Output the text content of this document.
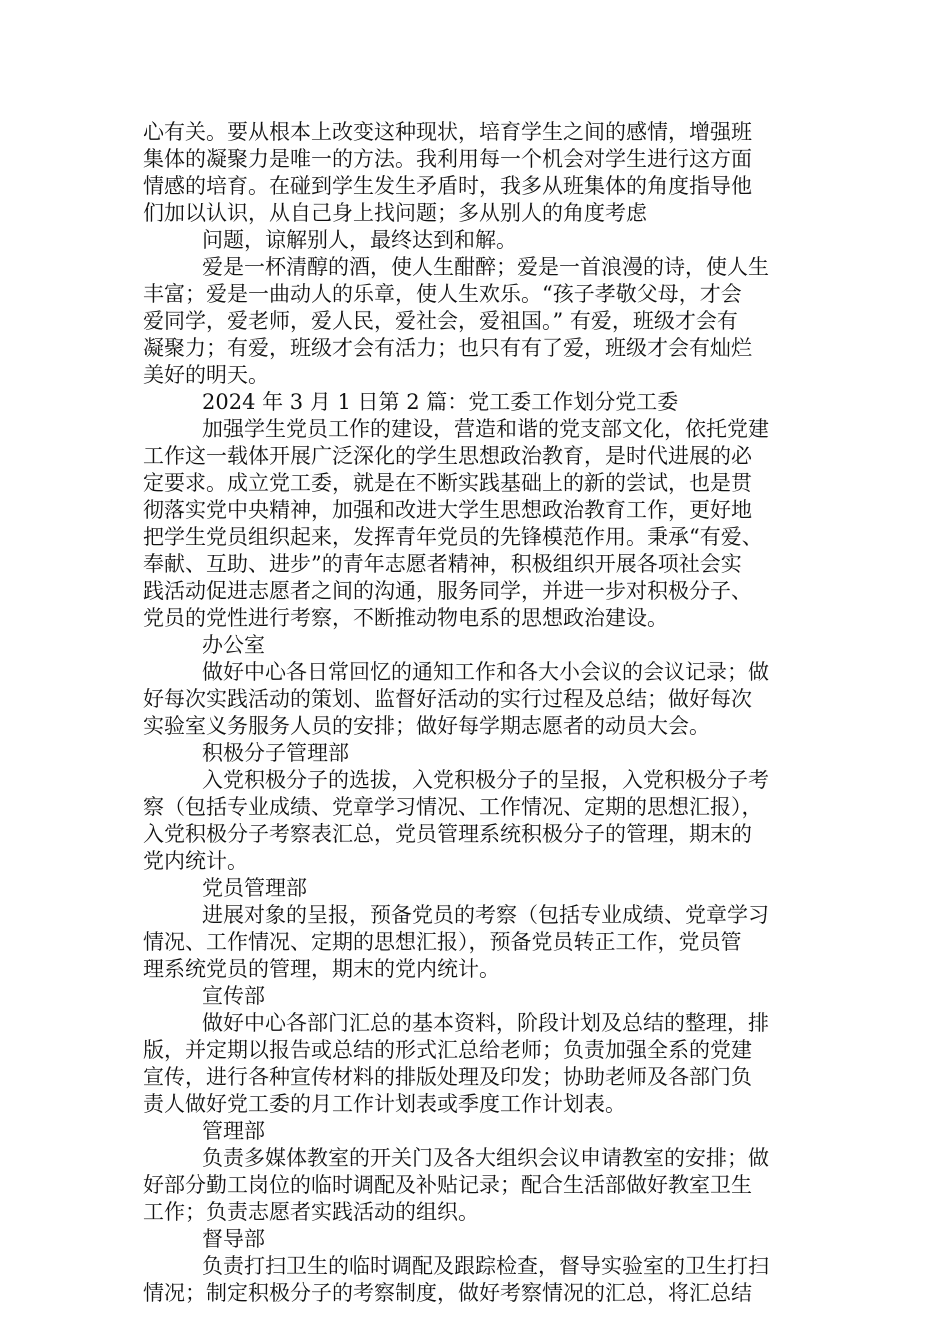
心有关。要从根本上改变这种现状，培育学生之间的感情，增强班
集体的凝聚力是唯一的方法。我利用每一个机会对学生进行这方面
情感的培育。在碰到学生发生矛盾时，我多从班集体的角度指导他
们加以认识，从自己身上找问题；多从别人的角度考虑
问题，谅解别人，最终达到和解。
爱是一杯清醇的酒，使人生酣醉；爱是一首浪漫的诗，使人生
丰富；爱是一曲动人的乐章，使人生欢乐。“孩子孝敬父母，才会
爱同学，爱老师，爱人民，爱社会，爱祖国。” 有爱，班级才会有
凝聚力；有爱，班级才会有活力；也只有有了爱，班级才会有灿烂
美好的明天。
2024 年 3 月 1 日第 2 篇：党工委工作划分党工委
加强学生党员工作的建设，营造和谐的党支部文化，依托党建
工作这一载体开展广泛深化的学生思想政治教育，是时代进展的必
定要求。成立党工委，就是在不断实践基础上的新的尝试，也是贯
彻落实党中央精神，加强和改进大学生思想政治教育工作，更好地
把学生党员组织起来，发挥青年党员的先锋模范作用。秉承“有爱、
奉献、互助、进步”的青年志愿者精神，积极组织开展各项社会实
践活动促进志愿者之间的沟通，服务同学，并进一步对积极分子、
党员的党性进行考察，不断推动物电系的思想政治建设。
办公室
做好中心各日常回忆的通知工作和各大小会议的会议记录；做
好每次实践活动的策划、监督好活动的实行过程及总结；做好每次
实验室义务服务人员的安排；做好每学期志愿者的动员大会。
积极分子管理部
入党积极分子的选拔，入党积极分子的呈报，入党积极分子考
察（包括专业成绩、党章学习情况、工作情况、定期的思想汇报），
入党积极分子考察表汇总，党员管理系统积极分子的管理，期末的
党内统计。
党员管理部
进展对象的呈报，预备党员的考察（包括专业成绩、党章学习
情况、工作情况、定期的思想汇报），预备党员转正工作，党员管
理系统党员的管理，期末的党内统计。
宣传部
做好中心各部门汇总的基本资料，阶段计划及总结的整理，排
版，并定期以报告或总结的形式汇总给老师；负责加强全系的党建
宣传，进行各种宣传材料的排版处理及印发；协助老师及各部门负
责人做好党工委的月工作计划表或季度工作计划表。
管理部
负责多媒体教室的开关门及各大组织会议申请教室的安排；做
好部分勤工岗位的临时调配及补贴记录；配合生活部做好教室卫生
工作；负责志愿者实践活动的组织。
督导部
负责打扫卫生的临时调配及跟踪检查，督导实验室的卫生打扫
情况；制定积极分子的考察制度，做好考察情况的汇总，将汇总结
